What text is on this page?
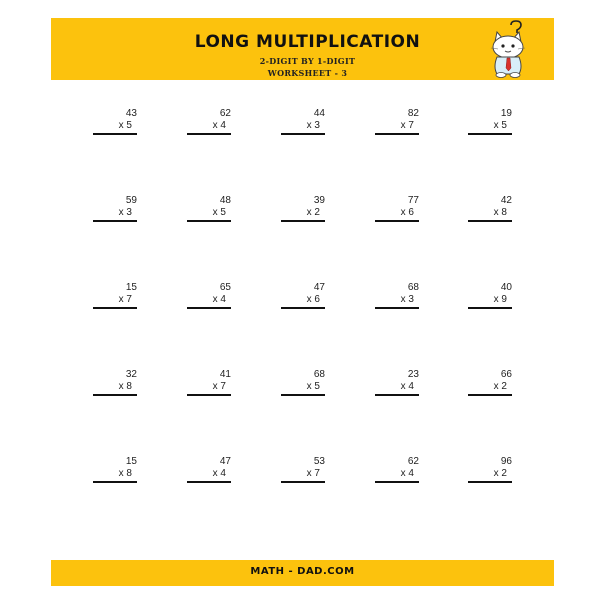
LONG MULTIPLICATION
2-DIGIT BY 1-DIGIT
WORKSHEET - 3
43
x 5
62
x 4
44
x 3
82
x 7
19
x 5
59
x 3
48
x 5
39
x 2
77
x 6
42
x 8
15
x 7
65
x 4
47
x 6
68
x 3
40
x 9
32
x 8
41
x 7
68
x 5
23
x 4
66
x 2
15
x 8
47
x 4
53
x 7
62
x 4
96
x 2
MATH - DAD.COM
